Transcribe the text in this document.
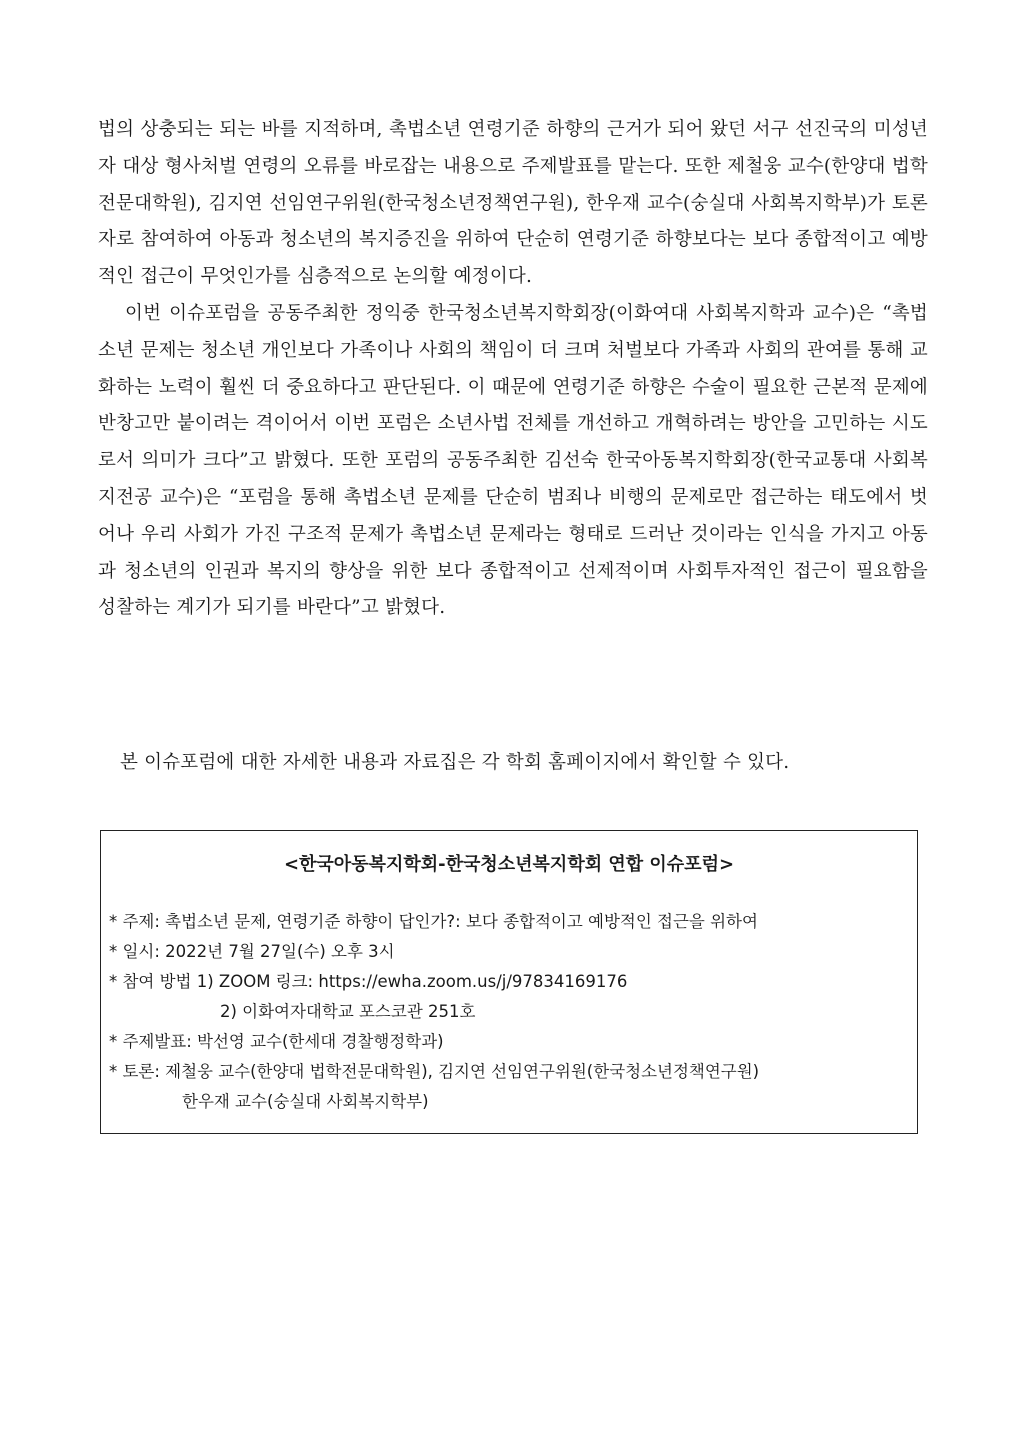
법의 상충되는 되는 바를 지적하며, 촉법소년 연령기준 하향의 근거가 되어 왔던 서구 선진국의 미성년자 대상 형사처벌 연령의 오류를 바로잡는 내용으로 주제발표를 맡는다. 또한 제철웅 교수(한양대 법학전문대학원), 김지연 선임연구위원(한국청소년정책연구원), 한우재 교수(숭실대 사회복지학부)가 토론자로 참여하여 아동과 청소년의 복지증진을 위하여 단순히 연령기준 하향보다는 보다 종합적이고 예방적인 접근이 무엇인가를 심층적으로 논의할 예정이다.

이번 이슈포럼을 공동주최한 정익중 한국청소년복지학회장(이화여대 사회복지학과 교수)은 “촉법소년 문제는 청소년 개인보다 가족이나 사회의 책임이 더 크며 처벌보다 가족과 사회의 관여를 통해 교화하는 노력이 훨씬 더 중요하다고 판단된다. 이 때문에 연령기준 하향은 수술이 필요한 근본적 문제에 반창고만 붙이려는 격이어서 이번 포럼은 소년사법 전체를 개선하고 개혁하려는 방안을 고민하는 시도로서 의미가 크다”고 밝혔다. 또한 포럼의 공동주최한 김선숙 한국아동복지학회장(한국교통대 사회복지전공 교수)은 “포럼을 통해 촉법소년 문제를 단순히 범죄나 비행의 문제로만 접근하는 태도에서 벗어나 우리 사회가 가진 구조적 문제가 촉법소년 문제라는 형태로 드러난 것이라는 인식을 가지고 아동과 청소년의 인권과 복지의 향상을 위한 보다 종합적이고 선제적이며 사회투자적인 접근이 필요함을 성찰하는 계기가 되기를 바란다”고 밝혔다.

본 이슈포럼에 대한 자세한 내용과 자료집은 각 학회 홈페이지에서 확인할 수 있다.

<한국아동복지학회-한국청소년복지학회 연합 이슈포럼>
* 주제: 촉법소년 문제, 연령기준 하향이 답인가?: 보다 종합적이고 예방적인 접근을 위하여
* 일시: 2022년 7월 27일(수) 오후 3시
* 참여 방법 1) ZOOM 링크: https://ewha.zoom.us/j/97834169176
2) 이화여자대학교 포스코관 251호
* 주제발표: 박선영 교수(한세대 경찰행정학과)
* 토론: 제철웅 교수(한양대 법학전문대학원), 김지연 선임연구위원(한국청소년정책연구원)
한우재 교수(숭실대 사회복지학부)
